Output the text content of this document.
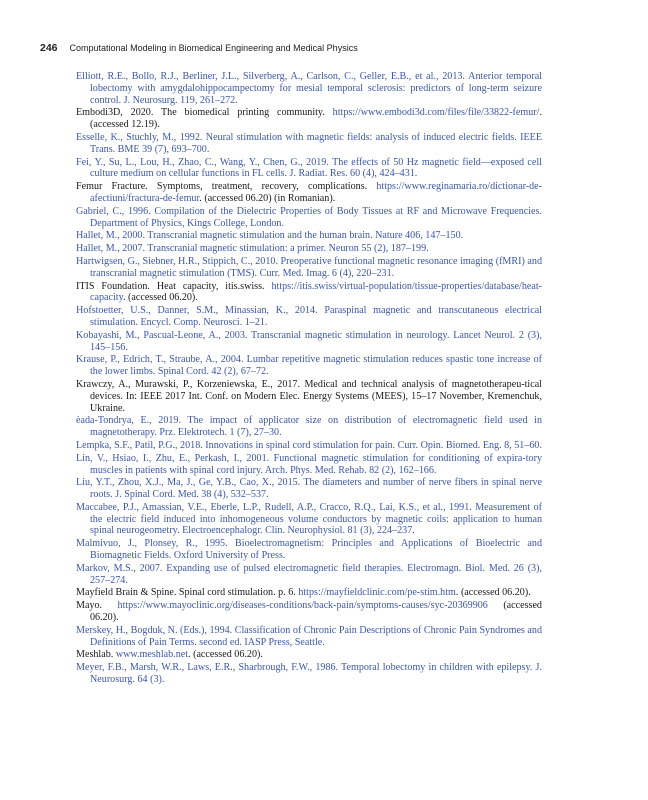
246 Computational Modeling in Biomedical Engineering and Medical Physics

Elliott, R.E., Bollo, R.J., Berliner, J.L., Silverberg, A., Carlson, C., Geller, E.B., et al., 2013. Anterior temporal lobectomy with amygdalohippocampectomy for mesial temporal sclerosis: predictors of long-term seizure control. J. Neurosurg. 119, 261–272.

Embodi3D, 2020. The biomedical printing community. https://www.embodi3d.com/files/file/33822-femur/. (accessed 12.19).

Esselle, K., Stuchly, M., 1992. Neural stimulation with magnetic fields: analysis of induced electric fields. IEEE Trans. BME 39 (7), 693–700.

Fei, Y., Su, L., Lou, H., Zhao, C., Wang, Y., Chen, G., 2019. The effects of 50 Hz magnetic field—exposed cell culture medium on cellular functions in FL cells. J. Radiat. Res. 60 (4), 424–431.

Femur Fracture. Symptoms, treatment, recovery, complications. https://www.reginamaria.ro/dictionar-de-afectiuni/fractura-de-femur. (accessed 06.20) (in Romanian).

Gabriel, C., 1996. Compilation of the Dielectric Properties of Body Tissues at RF and Microwave Frequencies. Department of Physics, Kings College, London.

Hallet, M., 2000. Transcranial magnetic stimulation and the human brain. Nature 406, 147–150.

Hallet, M., 2007. Transcranial magnetic stimulation: a primer. Neuron 55 (2), 187–199.

Hartwigsen, G., Siebner, H.R., Stippich, C., 2010. Preoperative functional magnetic resonance imaging (fMRI) and transcranial magnetic stimulation (TMS). Curr. Med. Imag. 6 (4), 220–231.

ITIS Foundation. Heat capacity, itis.swiss. https://itis.swiss/virtual-population/tissue-properties/database/heat-capacity. (accessed 06.20).

Hofstoetter, U.S., Danner, S.M., Minassian, K., 2014. Paraspinal magnetic and transcutaneous electrical stimulation. Encycl. Comp. Neurosci. 1–21.

Kobayashi, M., Pascual-Leone, A., 2003. Transcranial magnetic stimulation in neurology. Lancet Neurol. 2 (3), 145–156.

Krause, P., Edrich, T., Straube, A., 2004. Lumbar repetitive magnetic stimulation reduces spastic tone increase of the lower limbs. Spinal Cord. 42 (2), 67–72.

Krawczy, A., Murawski, P., Korzeniewska, E., 2017. Medical and technical analysis of magnetotherapeu-tical devices. In: IEEE 2017 Int. Conf. on Modern Elec. Energy Systems (MEES), 15–17 November, Kremenchuk, Ukraine.

èada-Tondrya, E., 2019. The impact of applicator size on distribution of electromagnetic field used in magnetotherapy. Prz. Elektrotech. 1 (7), 27–30.

Lempka, S.F., Patil, P.G., 2018. Innovations in spinal cord stimulation for pain. Curr. Opin. Biomed. Eng. 8, 51–60.

Lin, V., Hsiao, I., Zhu, E., Perkash, I., 2001. Functional magnetic stimulation for conditioning of expira-tory muscles in patients with spinal cord injury. Arch. Phys. Med. Rehab. 82 (2), 162–166.

Liu, Y.T., Zhou, X.J., Ma, J., Ge, Y.B., Cao, X., 2015. The diameters and number of nerve fibers in spinal nerve roots. J. Spinal Cord. Med. 38 (4), 532–537.

Maccabee, P.J., Amassian, V.E., Eberle, L.P., Rudell, A.P., Cracco, R.Q., Lai, K.S., et al., 1991. Measurement of the electric field induced into inhomogeneous volume conductors by magnetic coils: application to human spinal neurogeometry. Electroencephalogr. Clin. Neurophysiol. 81 (3), 224–237.

Malmivuo, J., Plonsey, R., 1995. Bioelectromagnetism: Principles and Applications of Bioelectric and Biomagnetic Fields. Oxford University of Press.

Markov, M.S., 2007. Expanding use of pulsed electromagnetic field therapies. Electromagn. Biol. Med. 26 (3), 257–274.

Mayfield Brain & Spine. Spinal cord stimulation. p. 6. https://mayfieldclinic.com/pe-stim.htm. (accessed 06.20).

Mayo. https://www.mayoclinic.org/diseases-conditions/back-pain/symptoms-causes/syc-20369906 (accessed 06.20).

Merskey, H., Bogduk, N. (Eds.), 1994. Classification of Chronic Pain Descriptions of Chronic Pain Syndromes and Definitions of Pain Terms. second ed. IASP Press, Seattle.

Meshlab. www.meshlab.net. (accessed 06.20).

Meyer, F.B., Marsh, W.R., Laws, E.R., Sharbrough, F.W., 1986. Temporal lobectomy in children with epilepsy. J. Neurosurg. 64 (3).
